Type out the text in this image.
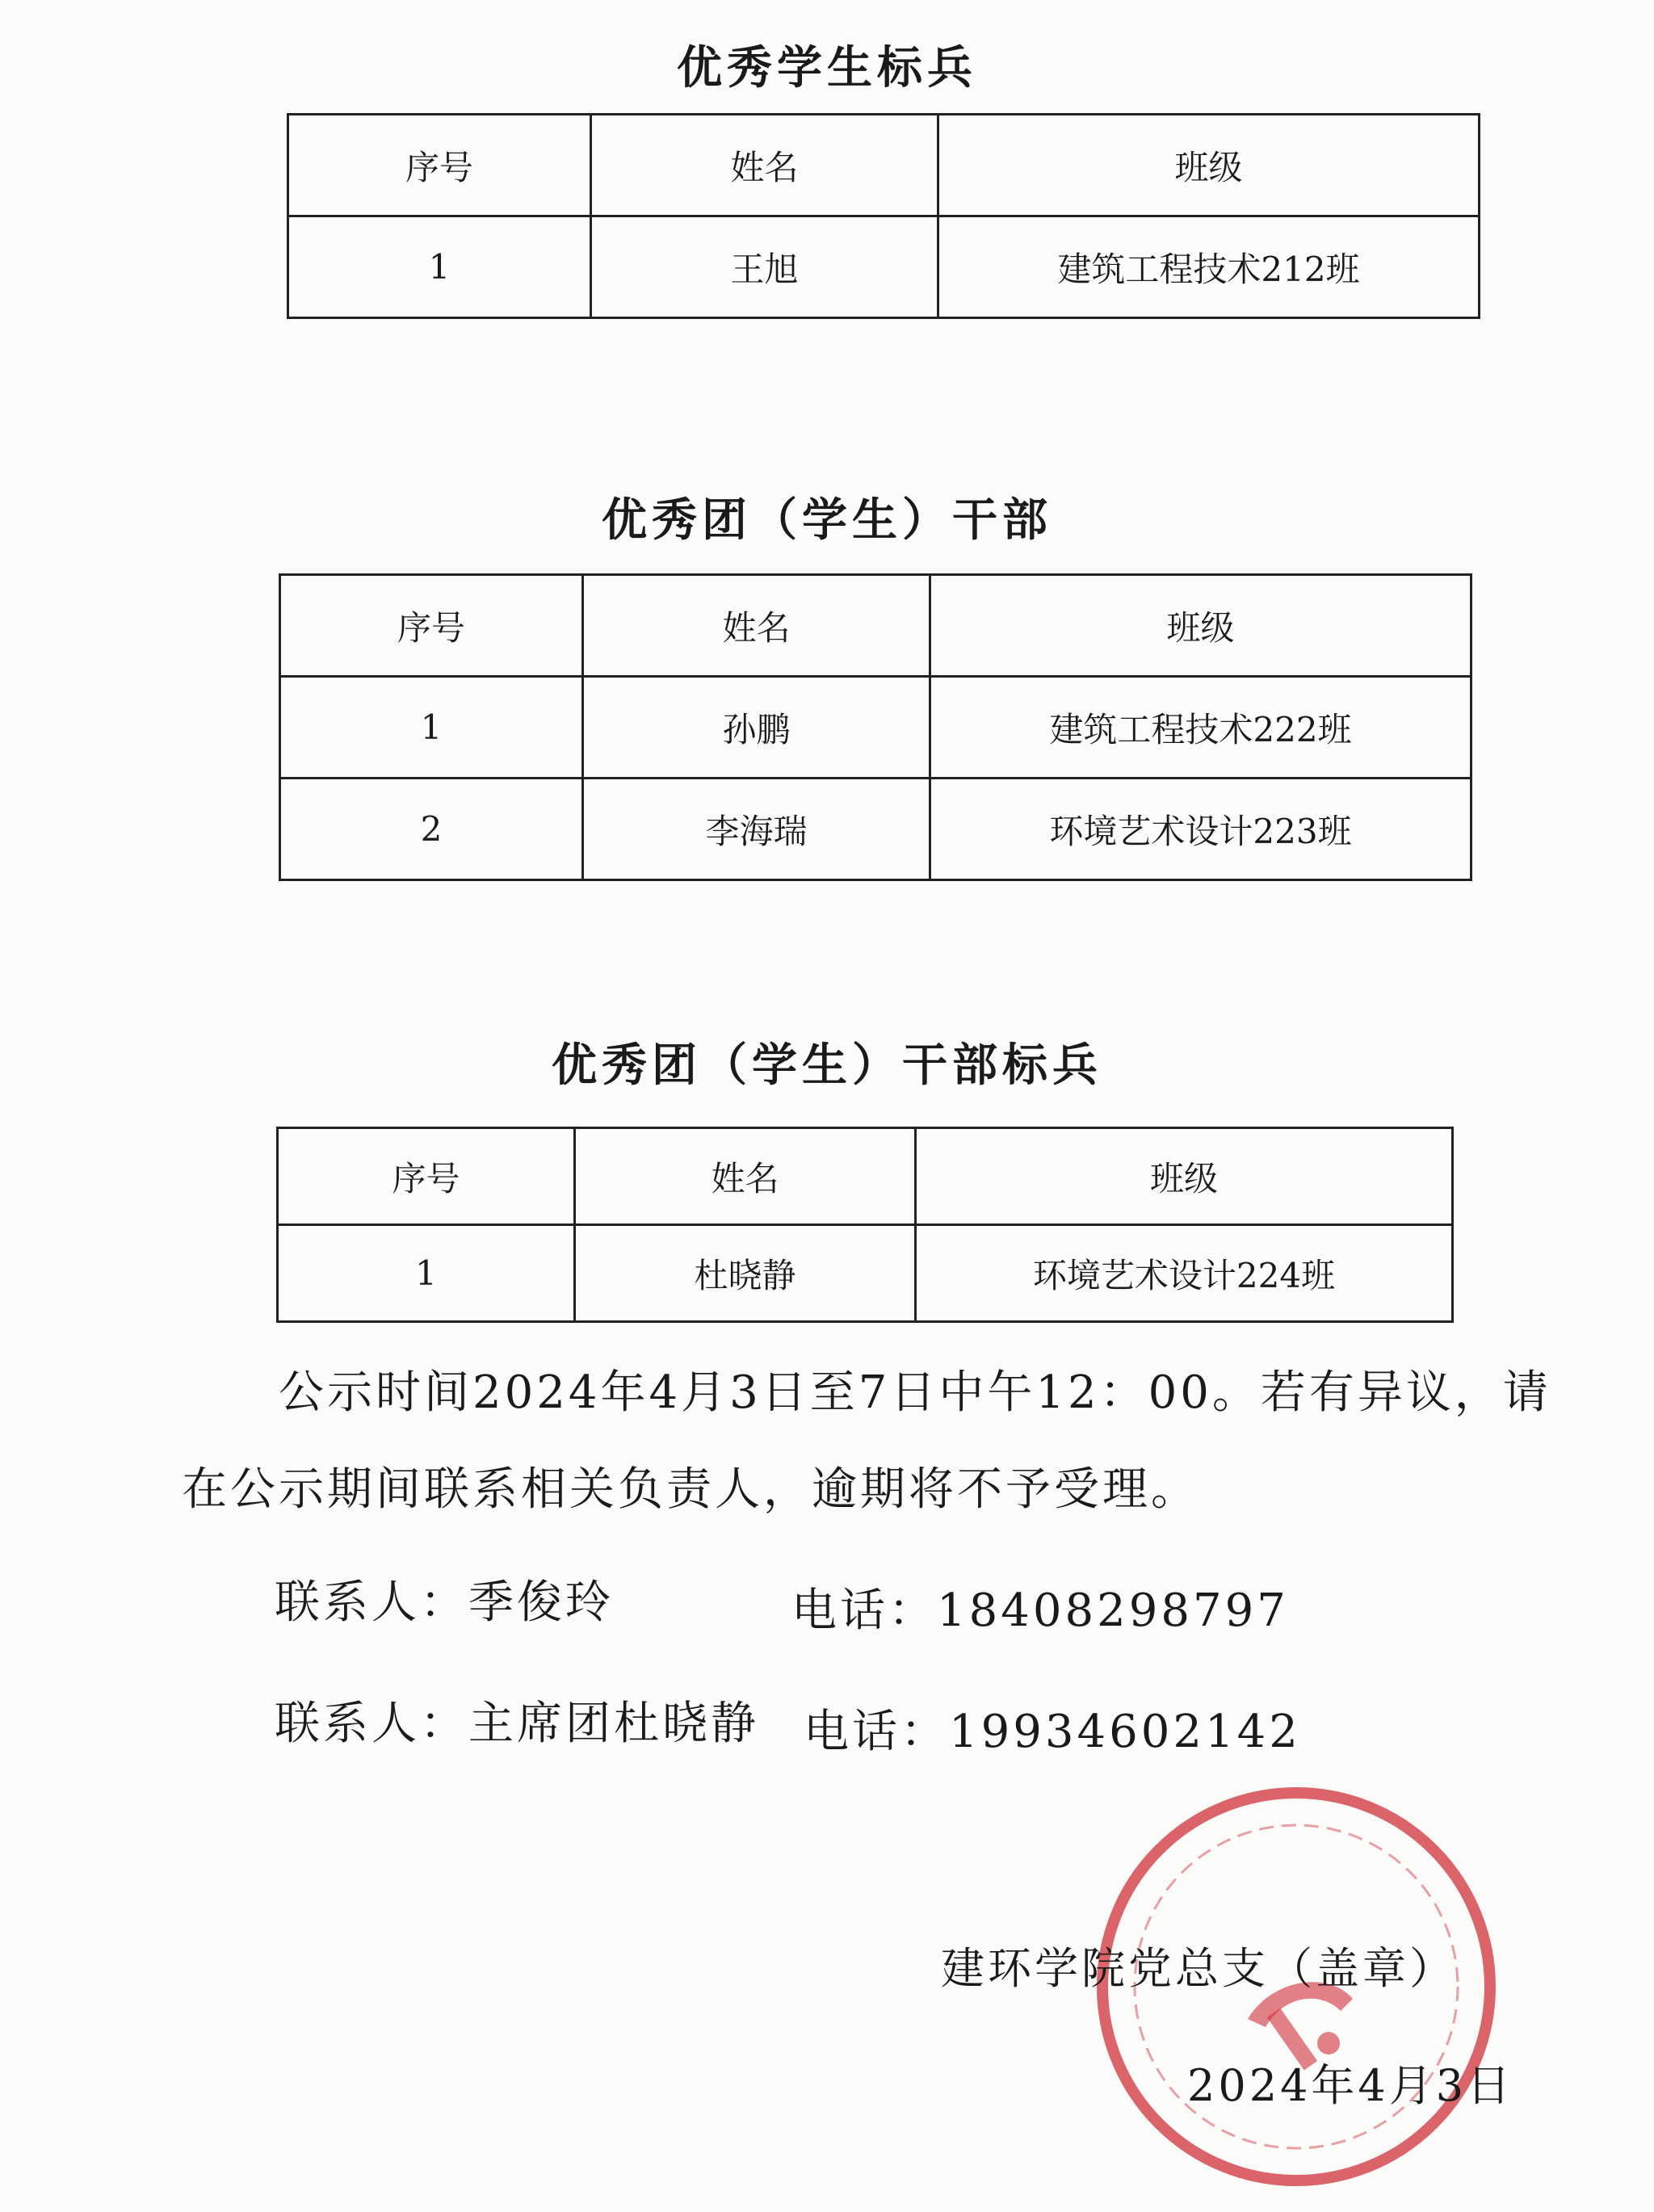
优秀学生标兵
序号	姓名	班级
1	王旭	建筑工程技术212班
优秀团（学生）干部
序号	姓名	班级
1	孙鹏	建筑工程技术222班
2	李海瑞	环境艺术设计223班
优秀团（学生）干部标兵
序号	姓名	班级
1	杜晓静	环境艺术设计224班
公示时间2024年4月3日至7日中午12：00。若有异议，请
在公示期间联系相关负责人，逾期将不予受理。
联系人：季俊玲	电话：18408298797
联系人：主席团杜晓静 电话：19934602142
建环学院党总支（盖章）
2024年4月3日
